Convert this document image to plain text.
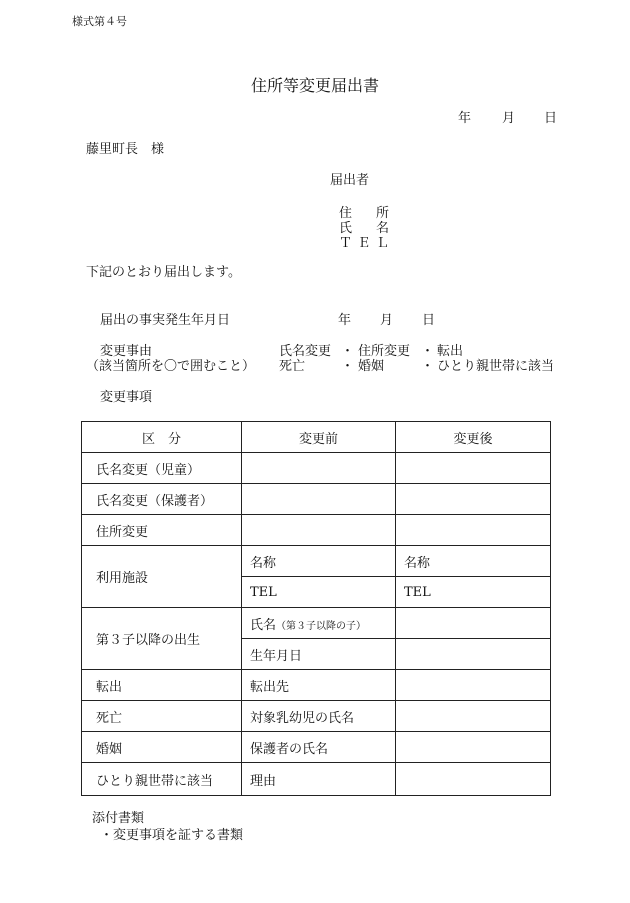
様式第４号
住所等変更届出書
年 月 日
藤里町長　様
届出者
住　所
氏　名
ＴＥＬ
下記のとおり届出します。
届出の事実発生年月日	年 月 日
変更事由
（該当箇所を〇で囲むこと）
氏名変更 ・ 住所変更 ・ 転出
死亡	・ 婚姻	・ ひとり親世帯に該当
変更事項
区　分	変更前	変更後
氏名変更（児童）		
氏名変更（保護者）		
住所変更		
利用施設	名称	名称
	TEL	TEL
第３子以降の出生	氏名（第３子以降の子）	
	生年月日	
転出	転出先	
死亡	対象乳幼児の氏名	
婚姻	保護者の氏名	
ひとり親世帯に該当	理由	
添付書類
・変更事項を証する書類
